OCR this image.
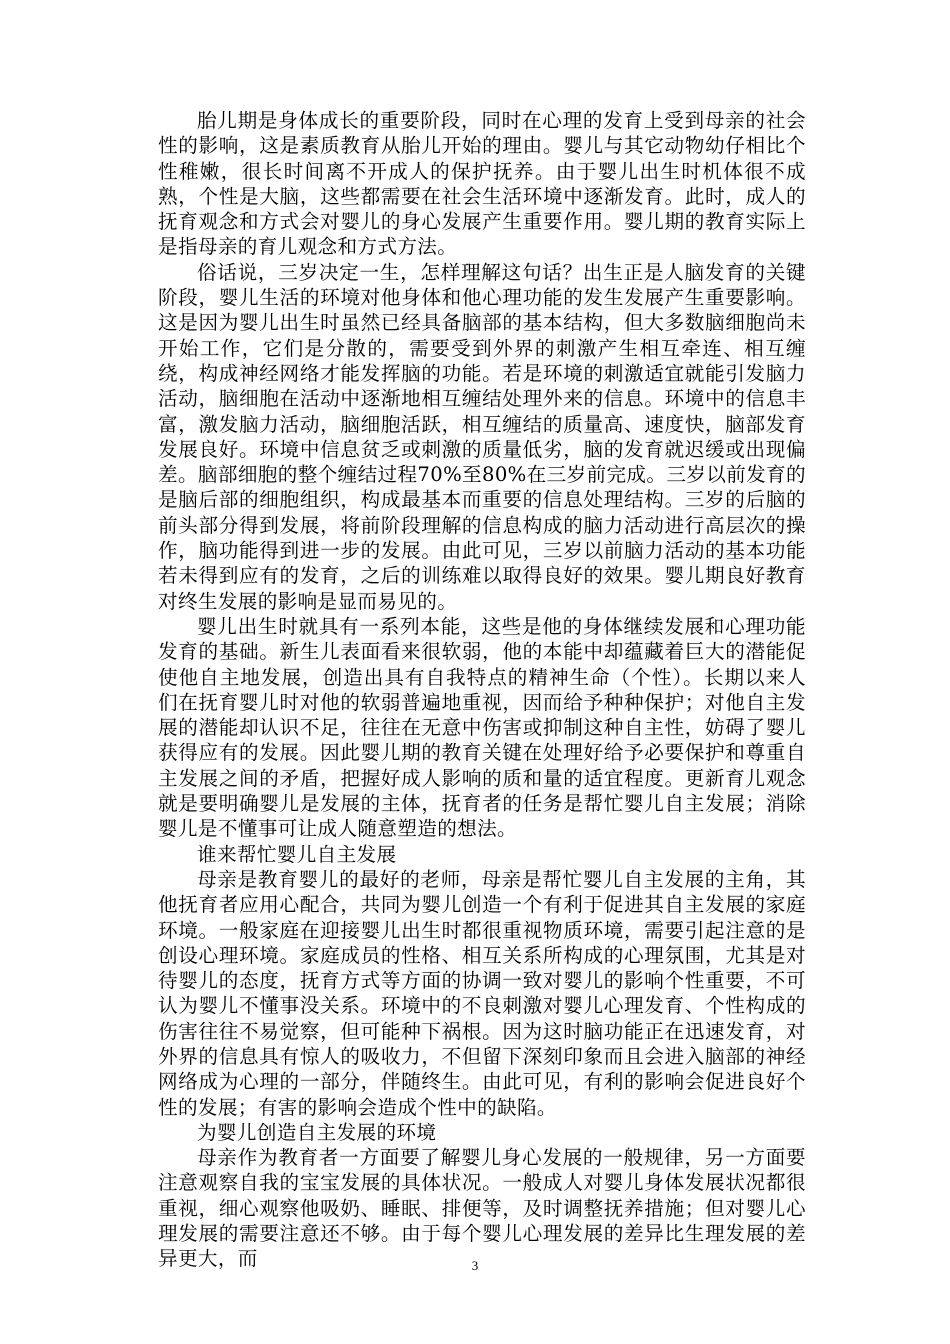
胎儿期是身体成长的重要阶段，同时在心理的发育上受到母亲的社会性的影响，这是素质教育从胎儿开始的理由。婴儿与其它动物幼仔相比个性稚嫩，很长时间离不开成人的保护抚养。由于婴儿出生时机体很不成熟，个性是大脑，这些都需要在社会生活环境中逐渐发育。此时，成人的抚育观念和方式会对婴儿的身心发展产生重要作用。婴儿期的教育实际上是指母亲的育儿观念和方式方法。

俗话说，三岁决定一生，怎样理解这句话？出生正是人脑发育的关键阶段，婴儿生活的环境对他身体和他心理功能的发生发展产生重要影响。这是因为婴儿出生时虽然已经具备脑部的基本结构，但大多数脑细胞尚未开始工作，它们是分散的，需要受到外界的刺激产生相互牵连、相互缠绕，构成神经网络才能发挥脑的功能。若是环境的刺激适宜就能引发脑力活动，脑细胞在活动中逐渐地相互缠结处理外来的信息。环境中的信息丰富，激发脑力活动，脑细胞活跃，相互缠结的质量高、速度快，脑部发育发展良好。环境中信息贫乏或刺激的质量低劣，脑的发育就迟缓或出现偏差。脑部细胞的整个缠结过程70%至80%在三岁前完成。三岁以前发育的是脑后部的细胞组织，构成最基本而重要的信息处理结构。三岁的后脑的前头部分得到发展，将前阶段理解的信息构成的脑力活动进行高层次的操作，脑功能得到进一步的发展。由此可见，三岁以前脑力活动的基本功能若未得到应有的发育，之后的训练难以取得良好的效果。婴儿期良好教育对终生发展的影响是显而易见的。

婴儿出生时就具有一系列本能，这些是他的身体继续发展和心理功能发育的基础。新生儿表面看来很软弱，他的本能中却蕴藏着巨大的潜能促使他自主地发展，创造出具有自我特点的精神生命（个性）。长期以来人们在抚育婴儿时对他的软弱普遍地重视，因而给予种种保护；对他自主发展的潜能却认识不足，往往在无意中伤害或抑制这种自主性，妨碍了婴儿获得应有的发展。因此婴儿期的教育关键在处理好给予必要保护和尊重自主发展之间的矛盾，把握好成人影响的质和量的适宜程度。更新育儿观念就是要明确婴儿是发展的主体，抚育者的任务是帮忙婴儿自主发展；消除婴儿是不懂事可让成人随意塑造的想法。

谁来帮忙婴儿自主发展

母亲是教育婴儿的最好的老师，母亲是帮忙婴儿自主发展的主角，其他抚育者应用心配合，共同为婴儿创造一个有利于促进其自主发展的家庭环境。一般家庭在迎接婴儿出生时都很重视物质环境，需要引起注意的是创设心理环境。家庭成员的性格、相互关系所构成的心理氛围，尤其是对待婴儿的态度，抚育方式等方面的协调一致对婴儿的影响个性重要，不可认为婴儿不懂事没关系。环境中的不良刺激对婴儿心理发育、个性构成的伤害往往不易觉察，但可能种下祸根。因为这时脑功能正在迅速发育，对外界的信息具有惊人的吸收力，不但留下深刻印象而且会进入脑部的神经网络成为心理的一部分，伴随终生。由此可见，有利的影响会促进良好个性的发展；有害的影响会造成个性中的缺陷。

为婴儿创造自主发展的环境

母亲作为教育者一方面要了解婴儿身心发展的一般规律，另一方面要注意观察自我的宝宝发展的具体状况。一般成人对婴儿身体发展状况都很重视，细心观察他吸奶、睡眠、排便等，及时调整抚养措施；但对婴儿心理发展的需要注意还不够。由于每个婴儿心理发展的差异比生理发展的差异更大，而	3
